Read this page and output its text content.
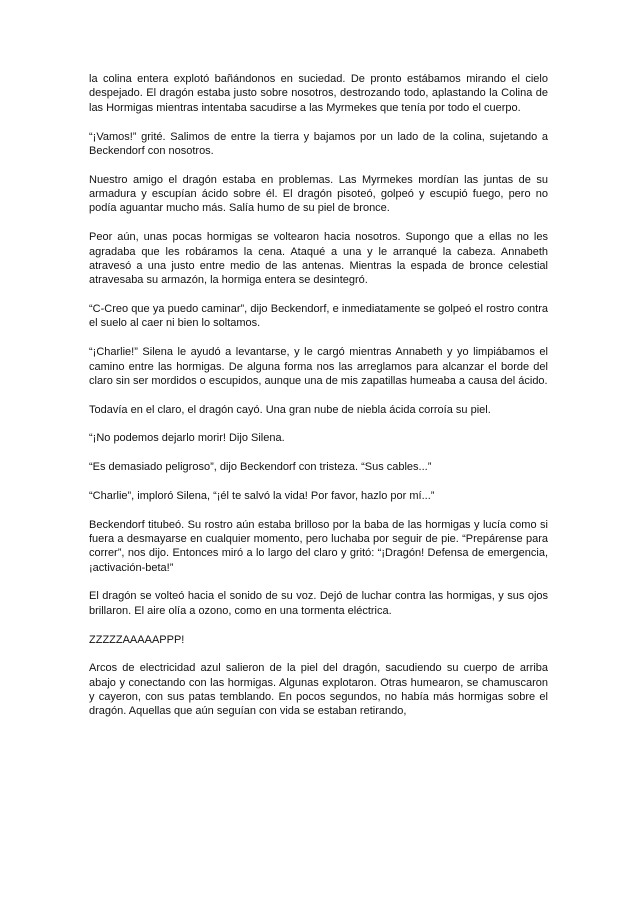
la colina entera explotó bañándonos en suciedad. De pronto estábamos mirando el cielo despejado. El dragón estaba justo sobre nosotros, destrozando todo, aplastando la Colina de las Hormigas mientras intentaba sacudirse a las Myrmekes que tenía por todo el cuerpo.

“¡Vamos!” grité. Salimos de entre la tierra y bajamos por un lado de la colina, sujetando a Beckendorf con nosotros.

Nuestro amigo el dragón estaba en problemas. Las Myrmekes mordían las juntas de su armadura y escupían ácido sobre él. El dragón pisoteó, golpeó y escupió fuego, pero no podía aguantar mucho más. Salía humo de su piel de bronce.

Peor aún, unas pocas hormigas se voltearon hacia nosotros. Supongo que a ellas no les agradaba que les robáramos la cena. Ataqué a una y le arranqué la cabeza. Annabeth atravesó a una justo entre medio de las antenas. Mientras la espada de bronce celestial atravesaba su armazón, la hormiga entera se desintegró.

“C-Creo que ya puedo caminar”, dijo Beckendorf, e inmediatamente se golpeó el rostro contra el suelo al caer ni bien lo soltamos.

“¡Charlie!” Silena le ayudó a levantarse, y le cargó mientras Annabeth y yo limpiábamos el camino entre las hormigas. De alguna forma nos las arreglamos para alcanzar el borde del claro sin ser mordidos o escupidos, aunque una de mis zapatillas humeaba a causa del ácido.

Todavía en el claro, el dragón cayó. Una gran nube de niebla ácida corroía su piel.

“¡No podemos dejarlo morir! Dijo Silena.

“Es demasiado peligroso”, dijo Beckendorf con tristeza. “Sus cables...”

“Charlie”, imploró Silena, “¡él te salvó la vida! Por favor, hazlo por mí...”

Beckendorf titubeó. Su rostro aún estaba brilloso por la baba de las hormigas y lucía como si fuera a desmayarse en cualquier momento, pero luchaba por seguir de pie. “Prepárense para correr”, nos dijo. Entonces miró a lo largo del claro y gritó: “¡Dragón! Defensa de emergencia, ¡activación-beta!”

El dragón se volteó hacia el sonido de su voz. Dejó de luchar contra las hormigas, y sus ojos brillaron. El aire olía a ozono, como en una tormenta eléctrica.

ZZZZZAAAAAPPP!

Arcos de electricidad azul salieron de la piel del dragón, sacudiendo su cuerpo de arriba abajo y conectando con las hormigas. Algunas explotaron. Otras humearon, se chamuscaron y cayeron, con sus patas temblando. En pocos segundos, no había más hormigas sobre el dragón. Aquellas que aún seguían con vida se estaban retirando,
